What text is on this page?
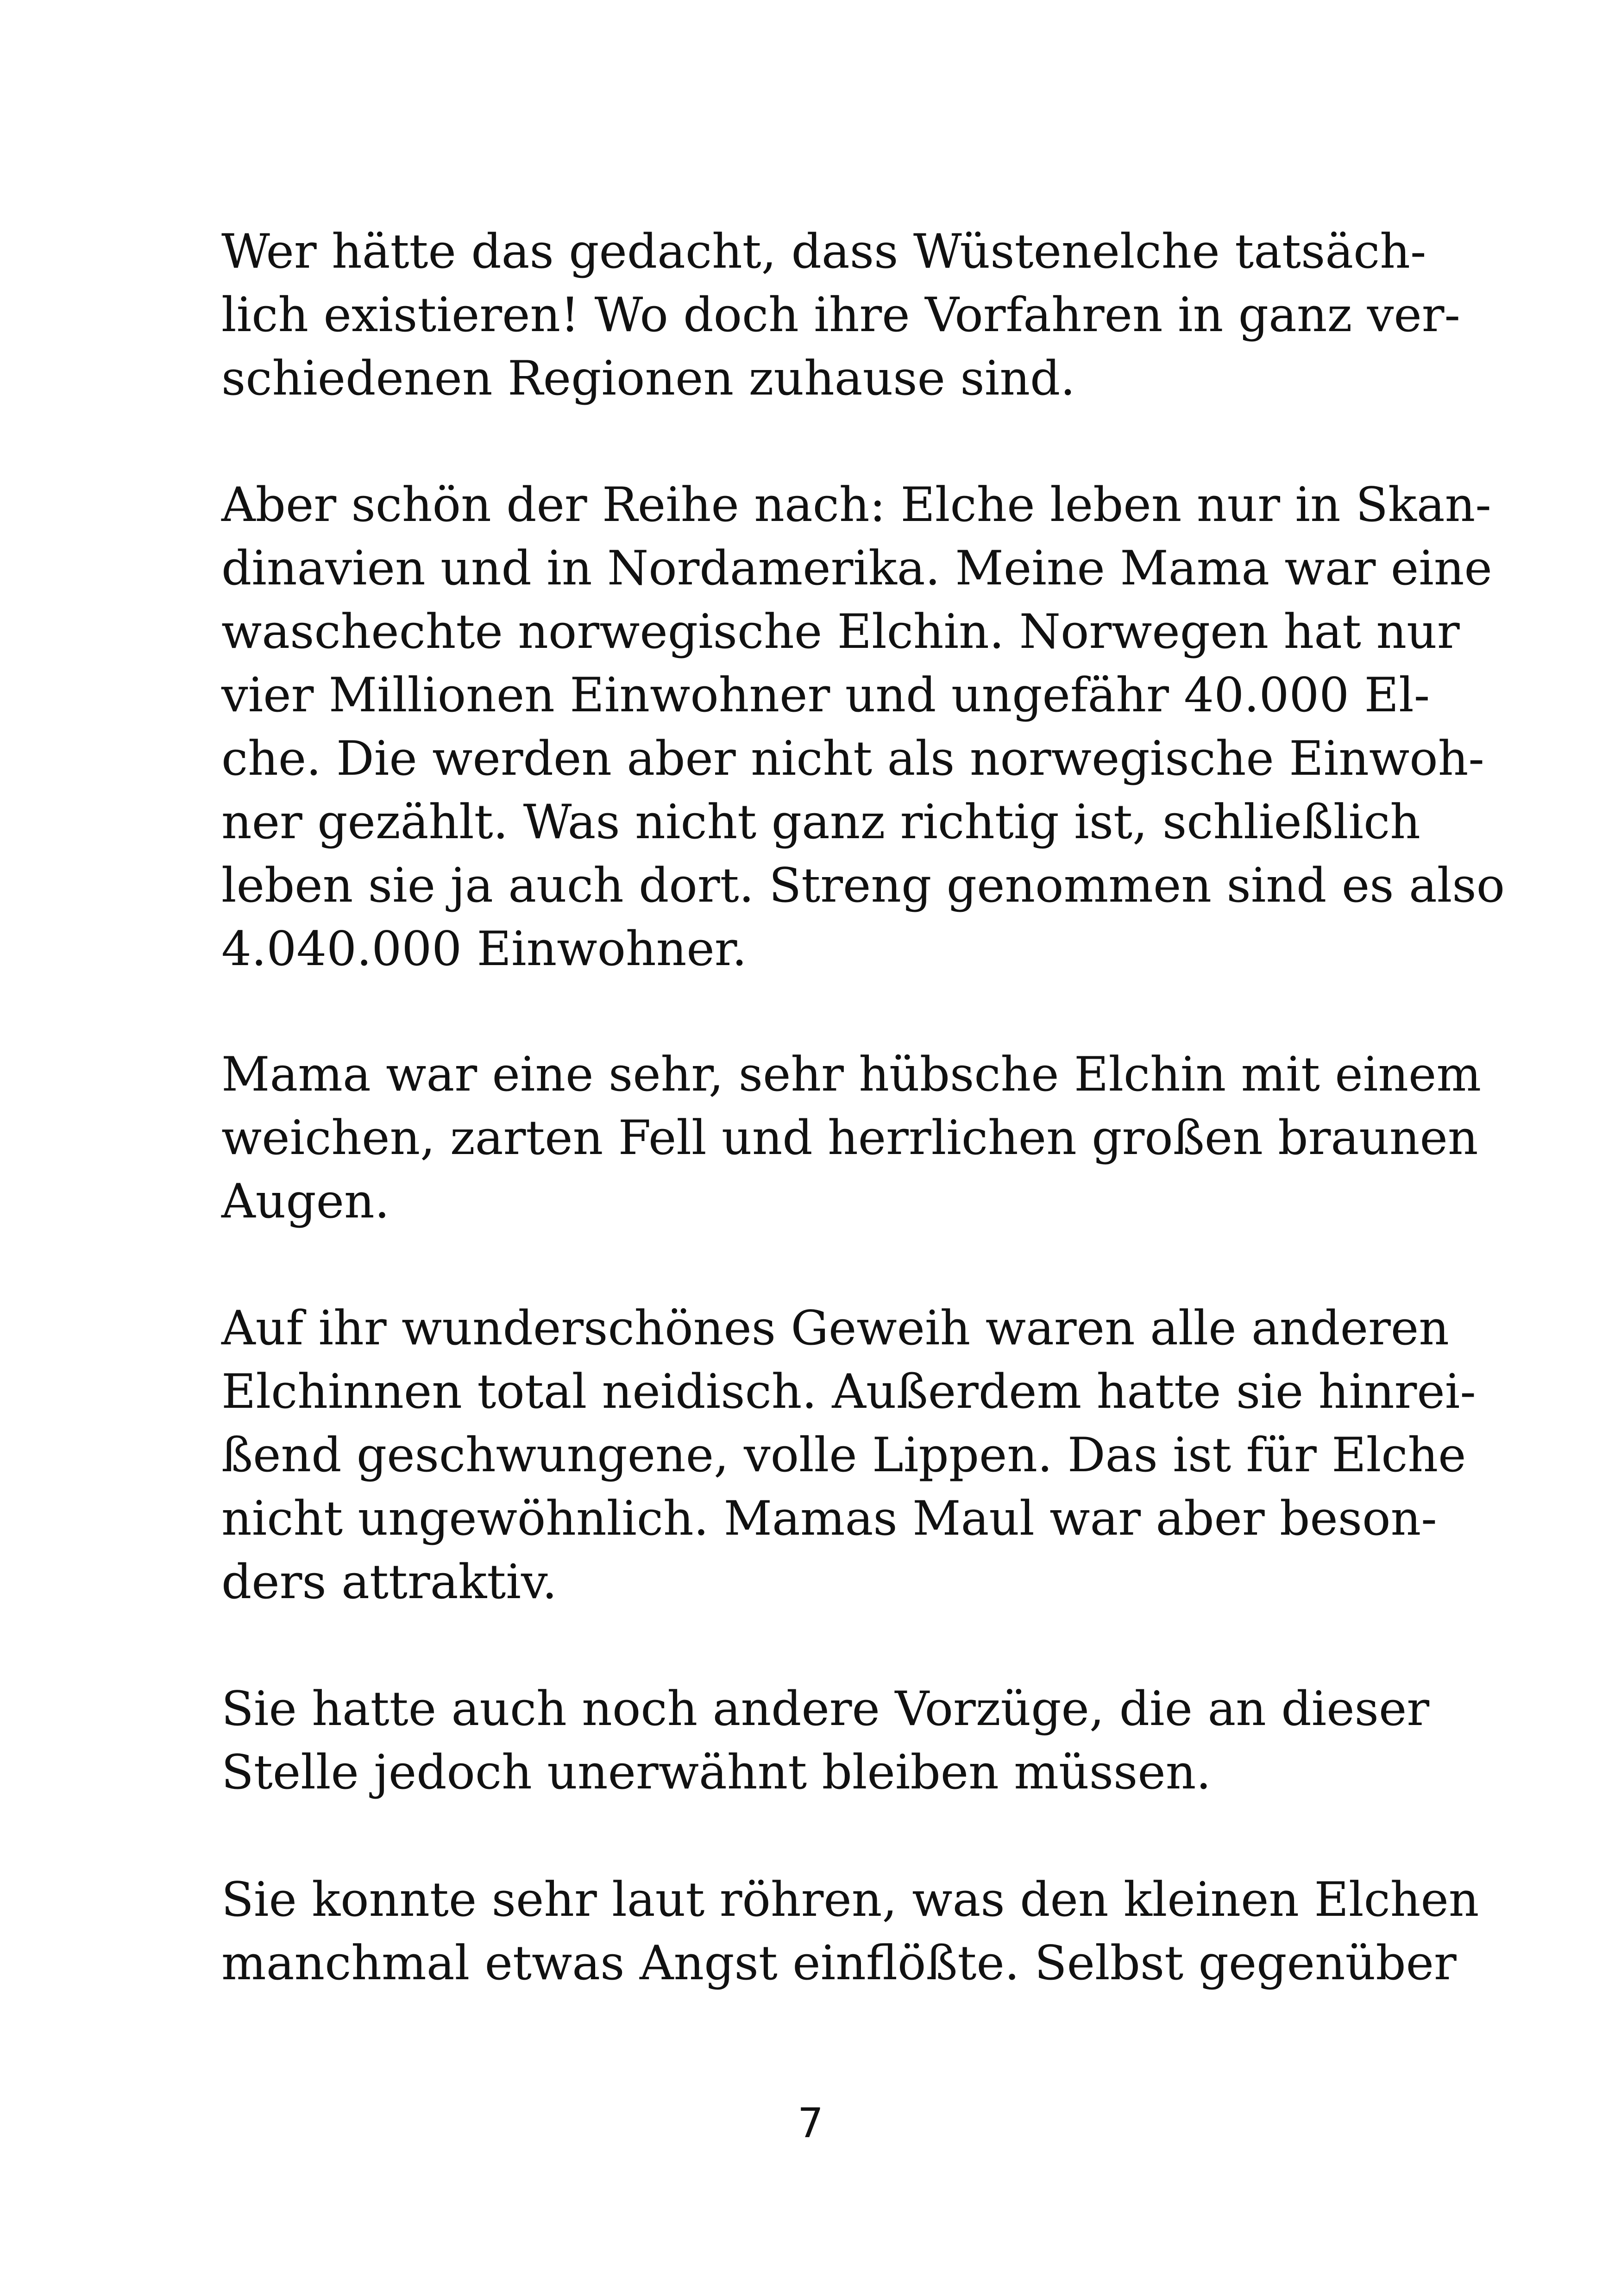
Wer hätte das gedacht, dass Wüstenelche tatsäch-
lich existieren! Wo doch ihre Vorfahren in ganz ver-
schiedenen Regionen zuhause sind.
Aber schön der Reihe nach: Elche leben nur in Skan-
dinavien und in Nordamerika. Meine Mama war eine
waschechte norwegische Elchin. Norwegen hat nur
vier Millionen Einwohner und ungefähr 40.000 El-
che. Die werden aber nicht als norwegische Einwoh-
ner gezählt. Was nicht ganz richtig ist, schließlich
leben sie ja auch dort. Streng genommen sind es also
4.040.000 Einwohner.
Mama war eine sehr, sehr hübsche Elchin mit einem
weichen, zarten Fell und herrlichen großen braunen
Augen.
Auf ihr wunderschönes Geweih waren alle anderen
Elchinnen total neidisch. Außerdem hatte sie hinrei-
ßend geschwungene, volle Lippen. Das ist für Elche
nicht ungewöhnlich. Mamas Maul war aber beson-
ders attraktiv.
Sie hatte auch noch andere Vorzüge, die an dieser
Stelle jedoch unerwähnt bleiben müssen.
Sie konnte sehr laut röhren, was den kleinen Elchen
manchmal etwas Angst einflößte. Selbst gegenüber
7
